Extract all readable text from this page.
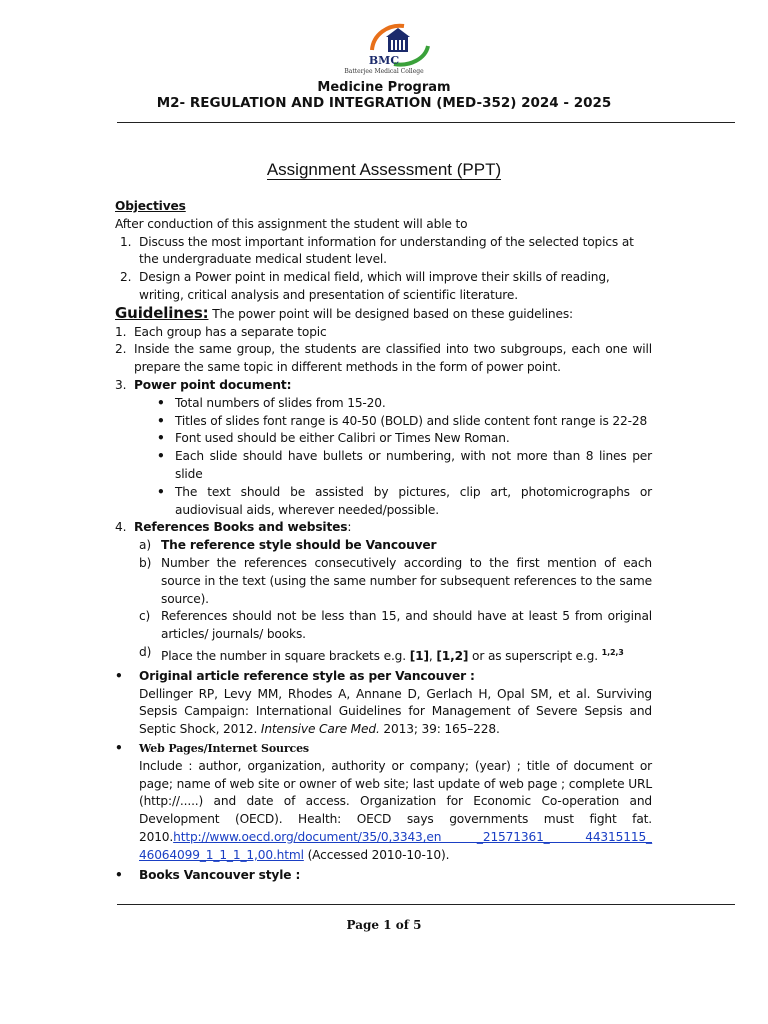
BMC
Batterjee Medical College
Medicine Program
M2- REGULATION AND INTEGRATION (MED-352) 2024 - 2025
Assignment Assessment (PPT)

Objectives

After conduction of this assignment the student will able to

1. Discuss the most important information for understanding of the selected topics at the undergraduate medical student level.
2. Design a Power point in medical field, which will improve their skills of reading, writing, critical analysis and presentation of scientific literature.

Guidelines: The power point will be designed based on these guidelines:

1. Each group has a separate topic
2. Inside the same group, the students are classified into two subgroups, each one will prepare the same topic in different methods in the form of power point.
3. Power point document:
• Total numbers of slides from 15-20.
• Titles of slides font range is 40-50 (BOLD) and slide content font range is 22-28
• Font used should be either Calibri or Times New Roman.
• Each slide should have bullets or numbering, with not more than 8 lines per slide
• The text should be assisted by pictures, clip art, photomicrographs or audiovisual aids, wherever needed/possible.
4. References Books and websites:
a) The reference style should be Vancouver
b) Number the references consecutively according to the first mention of each source in the text (using the same number for subsequent references to the same source).
c) References should not be less than 15, and should have at least 5 from original articles/ journals/ books.
d) Place the number in square brackets e.g. [1], [1,2] or as superscript e.g. $^{1,2,3}$
•	Original article reference style as per Vancouver :
Dellinger RP, Levy MM, Rhodes A, Annane D, Gerlach H, Opal SM, et al. Surviving Sepsis Campaign: International Guidelines for Management of Severe Sepsis and Septic Shock, 2012. Intensive Care Med. 2013; 39: 165–228.
•	Web Pages/Internet Sources
Include : author, organization, authority or company; (year) ; title of document or page; name of web site or owner of web site; last update of web page ; complete URL (http://.....) and date of access. Organization for Economic Co-operation and Development (OECD). Health: OECD says governments must fight fat. 2010.http://www.oecd.org/document/35/0,3343,en _21571361_ 44315115_ 46064099_1_1_1_1,00.html (Accessed 2010-10-10).
•	Books Vancouver style :
Page 1 of 5
